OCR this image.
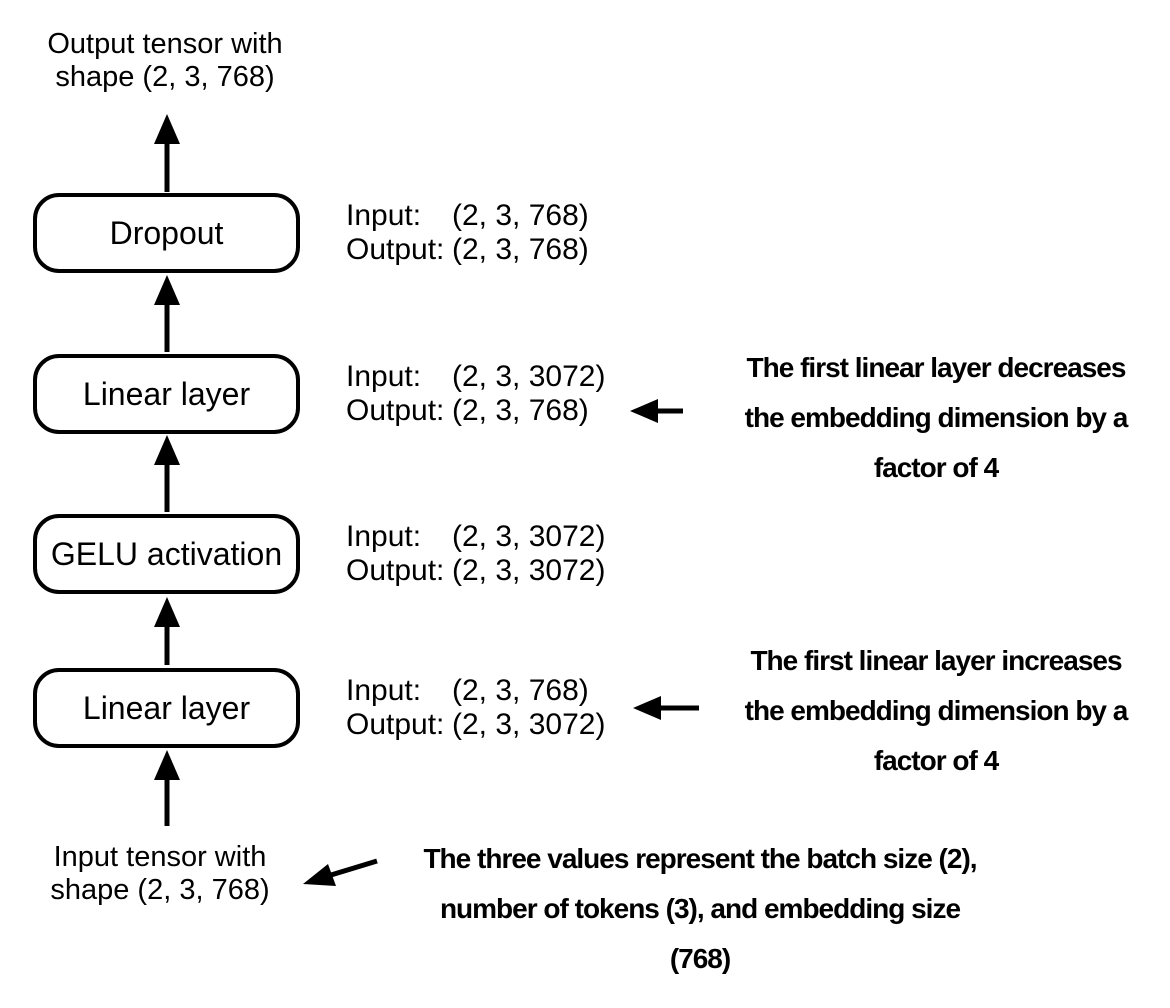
Output tensor with
shape (2, 3, 768)
Dropout
Linear layer
GELU activation
Linear layer
Input: (2, 3, 768)
Output: (2, 3, 768)
Input: (2, 3, 3072)
Output: (2, 3, 768)
Input: (2, 3, 3072)
Output: (2, 3, 3072)
Input: (2, 3, 768)
Output: (2, 3, 3072)
The first linear layer decreases
the embedding dimension by a
factor of 4
The first linear layer increases
the embedding dimension by a
factor of 4
The three values represent the batch size (2),
number of tokens (3), and embedding size
(768)
Input tensor with
shape (2, 3, 768)
